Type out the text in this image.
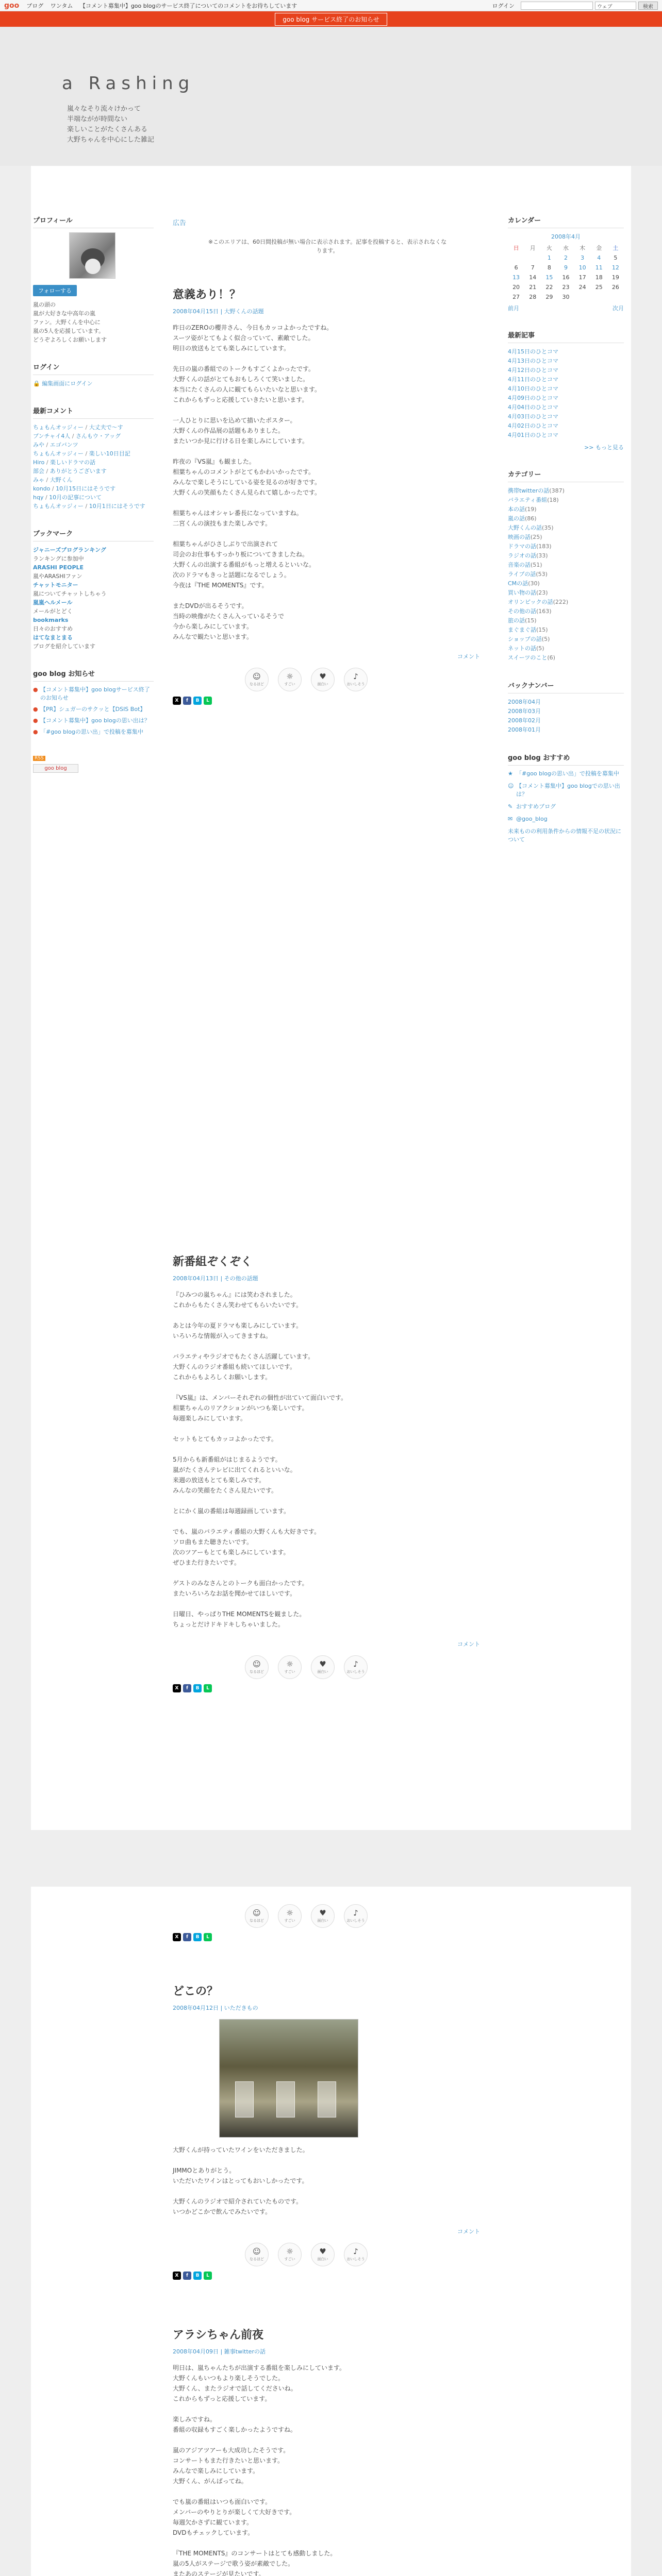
goo ブログ ワンタム 【コメント募集中】goo blogのサービス終了についてのコメントをお待ちしています	ログイン	ウェブ	検索
goo blog サービス終了のお知らせ
a Rashing
嵐々なそり流々けかって
半端ながが時間ない
楽しいことがたくさんある
大野ちゃんを中心にした雑記
プロフィール
フォローする
嵐の頭の
嵐が大好きな中高年の嵐
ファン。大野くんを中心に
嵐の5人を応援しています。
どうぞよろしくお願いします
ログイン
🔒 編集画面にログイン
最新コメント
ちょもんオッジィー / 大丈夫で〜す
ブンチャイ4人 / さんもウ・アッグ
みや / エゴバンツ
ちょもんオッジィー / 楽しい10日目記
Hiro / 楽しいドラマの話
部会 / ありがとうございます
みゃ / 大野くん
kondo / 10月15日にはそうです
hqy / 10月の記事について
ちょもんオッジィー / 10月1日にはそうです
ブックマーク
ジャニーズブログランキング
ランキングに参加中
ARASHI PEOPLE
嵐やARASHIファン
チャットモニター
嵐についてチャットしちゃう
嵐嵐ヘルメール
メールがとどく
bookmarks
日々のおすすめ
はてなまとまる
ブログを紹介しています
goo blog お知らせ
● 【コメント募集中】goo blogサービス終了のお知らせ
● 【PR】シュガーのサクッと【DSIS Bot】
● 【コメント募集中】goo blogの思い出は？
● 「#goo blogの思い出」で投稿を募集中
RSS
goo blog
広告
※このエリアは、60日間投稿が無い場合に表示されます。記事を投稿すると、表示されなくなります。
意義あり！？
2008年04月15日 | 大野くんの話題

昨日のZEROの櫻井さん、今日もカッコよかったですね。
スーツ姿がとてもよく似合っていて、素敵でした。
明日の放送もとても楽しみにしています。

先日の嵐の番組でのトークもすごくよかったです。
大野くんの話がとてもおもしろくて笑いました。
本当にたくさんの人に観てもらいたいなと思います。
これからもずっと応援していきたいと思います。

一人ひとりに思いを込めて描いたポスター。
大野くんの作品展の話題もありました。
またいつか見に行ける日を楽しみにしています。

昨夜の『VS嵐』も観ました。
相葉ちゃんのコメントがとてもかわいかったです。
みんなで楽しそうにしている姿を見るのが好きです。
大野くんの笑顔もたくさん見られて嬉しかったです。

相葉ちゃんはオシャレ番長になっていますね。
二宮くんの演技もまた楽しみです。

相葉ちゃんがひさしぶりで出演されて
司会のお仕事もすっかり板についてきましたね。
大野くんの出演する番組がもっと増えるといいな。
次のドラマもきっと話題になるでしょう。
今夜は『THE MOMENTS』です。

またDVDが出るそうです。
当時の映像がたくさん入っているそうで
今から楽しみにしています。
みんなで観たいと思います。

コメント
☺
なるほど
☼
すごい
♥
面白い
♪
おいしそう
X	f	B	L
カレンダー
2008年4月
日	月	火	水	木	金	土
		1	2	3	4	5
6	7	8	9	10	11	12
13	14	15	16	17	18	19
20	21	22	23	24	25	26
27	28	29	30			
前月	次月
最新記事
4月15日のひとコマ
4月13日のひとコマ
4月12日のひとコマ
4月11日のひとコマ
4月10日のひとコマ
4月09日のひとコマ
4月04日のひとコマ
4月03日のひとコマ
4月02日のひとコマ
4月01日のひとコマ
>> もっと見る
カテゴリー
携帯twitterの話(387)
バラエティ番組(18)
本の話(19)
嵐の話(86)
大野くんの話(35)
映画の話(25)
ドラマの話(183)
ラジオの話(33)
音楽の話(51)
ライブの話(53)
CMの話(30)
買い物の話(23)
オリンピックの話(222)
その他の話(163)
旅の話(15)
まぐまぐ話(15)
ショップの話(5)
ネットの話(5)
スイーツのこと(6)
バックナンバー
2008年04月
2008年03月
2008年02月
2008年01月
goo blog おすすめ
★ 「#goo blogの思い出」で投稿を募集中
☺ 【コメント募集中】goo blogでの思い出は？
✎ おすすめブログ
✉ @goo_blog
未来ものの利用条件からの情報不足の状況について
新番組ぞくぞく
2008年04月13日 | その他の話題

『ひみつの嵐ちゃん』には笑わされました。
これからもたくさん笑わせてもらいたいです。

あとは今年の夏ドラマも楽しみにしています。
いろいろな情報が入ってきますね。

バラエティやラジオでもたくさん活躍しています。
大野くんのラジオ番組も続いてほしいです。
これからもよろしくお願いします。

『VS嵐』は、メンバーそれぞれの個性が出ていて面白いです。
相葉ちゃんのリアクションがいつも楽しいです。
毎週楽しみにしています。

セットもとてもカッコよかったです。

5月からも新番組がはじまるようです。
嵐がたくさんテレビに出てくれるといいな。
来週の放送もとても楽しみです。
みんなの笑顔をたくさん見たいです。

とにかく嵐の番組は毎週録画しています。

でも、嵐のバラエティ番組の大野くんも大好きです。
ソロ曲もまた聴きたいです。
次のツアーもとても楽しみにしています。
ぜひまた行きたいです。

ゲストのみなさんとのトークも面白かったです。
またいろいろなお話を聞かせてほしいです。

日曜日、やっぱりTHE MOMENTSを観ました。
ちょっとだけドキドキしちゃいました。

コメント
☺
なるほど
☼
すごい
♥
面白い
♪
おいしそう
X	f	B	L
☺
なるほど
☼
すごい
♥
面白い
♪
おいしそう
X	f	B	L
どこの？
2008年04月12日 | いただきもの

大野くんが持っていたワインをいただきました。

JIMMOとありがとう。
いただいたワインはとってもおいしかったです。

大野くんのラジオで紹介されていたものです。
いつかどこかで飲んでみたいです。

コメント
☺
なるほど
☼
すごい
♥
面白い
♪
おいしそう
X	f	B	L
アラシちゃん前夜
2008年04月09日 | 雑事twitterの話

明日は、嵐ちゃんたちが出演する番組を楽しみにしています。
大野くんもいつもより楽しそうでした。
大野くん、またラジオで話してくださいね。
これからもずっと応援しています。

楽しみですね。
番組の収録もすごく楽しかったようですね。

嵐のアジアツアーも大成功したそうです。
コンサートもまた行きたいと思います。
みんなで楽しみにしています。
大野くん、がんばってね。

でも嵐の番組はいつも面白いです。
メンバーのやりとりが楽しくて大好きです。
毎週欠かさずに観ています。
DVDもチェックしています。

『THE MOMENTS』のコンサートはとても感動しました。
嵐の5人がステージで歌う姿が素敵でした。
またあのステージが見たいです。
